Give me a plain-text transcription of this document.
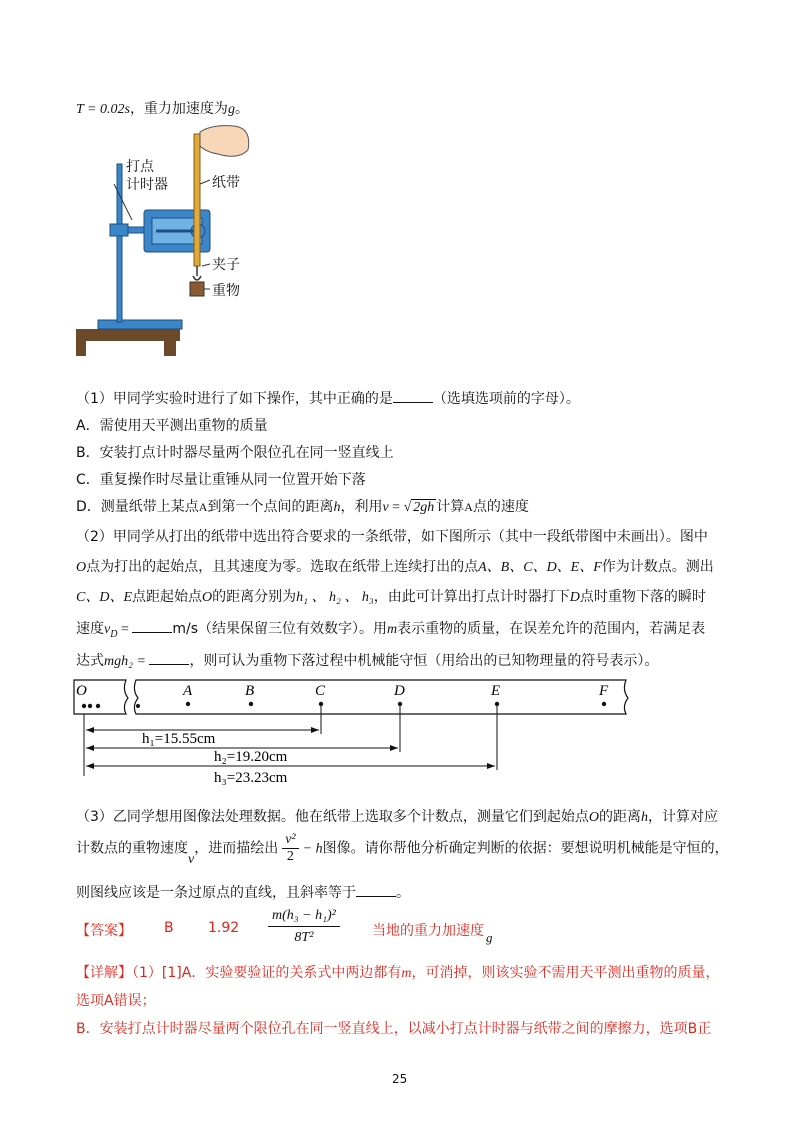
T = 0.02s，重力加速度为g。
打点
计时器	纸带
夹子
重物
（1）甲同学实验时进行了如下操作，其中正确的是	（选填选项前的字母）。
A．需使用天平测出重物的质量
B．安装打点计时器尽量两个限位孔在同一竖直线上
C．重复操作时尽量让重锤从同一位置开始下落
D．测量纸带上某点A到第一个点间的距离h，利用v = √ 2gh 计算A点的速度
（2）甲同学从打出的纸带中选出符合要求的一条纸带，如下图所示（其中一段纸带图中未画出）。图中
O点为打出的起始点，且其速度为零。选取在纸带上连续打出的点A、B、C、D、E、F作为计数点。测出
C、D、E点距起始点O的距离分别为h₁ 、 h₂ 、 h₃，由此可计算出打点计时器打下D点时重物下落的瞬时
速度$v_D$ =	m/s（结果保留三位有效数字）。用m表示重物的质量，在误差允许的范围内，若满足表
达式mgh₂ =	，则可认为重物下落过程中机械能守恒（用给出的已知物理量的符号表示）。
O	A	B	C	D	E	F
h₁=15.55cm
h₂=19.20cm
h₃=23.23cm
（3）乙同学想用图像法处理数据。他在纸带上选取多个计数点，测量它们到起始点O的距离h，计算对应
计数点的重物速度v，进而描绘出 $\frac{\text{v²}}{2} - h$图像。请你帮他分析确定判断的依据：要想说明机械能是守恒的，
则图线应该是一条过原点的直线，且斜率等于	。
【答案】 B $1.92 \frac{\text{m(h₃ − h₁)²}}{\text{8T²}}$ 当地的重力加速度 g
【详解】（1）[1]A．实验要验证的关系式中两边都有m，可消掉，则该实验不需用天平测出重物的质量，
选项A错误；
B．安装打点计时器尽量两个限位孔在同一竖直线上，以减小打点计时器与纸带之间的摩擦力，选项B正
25
